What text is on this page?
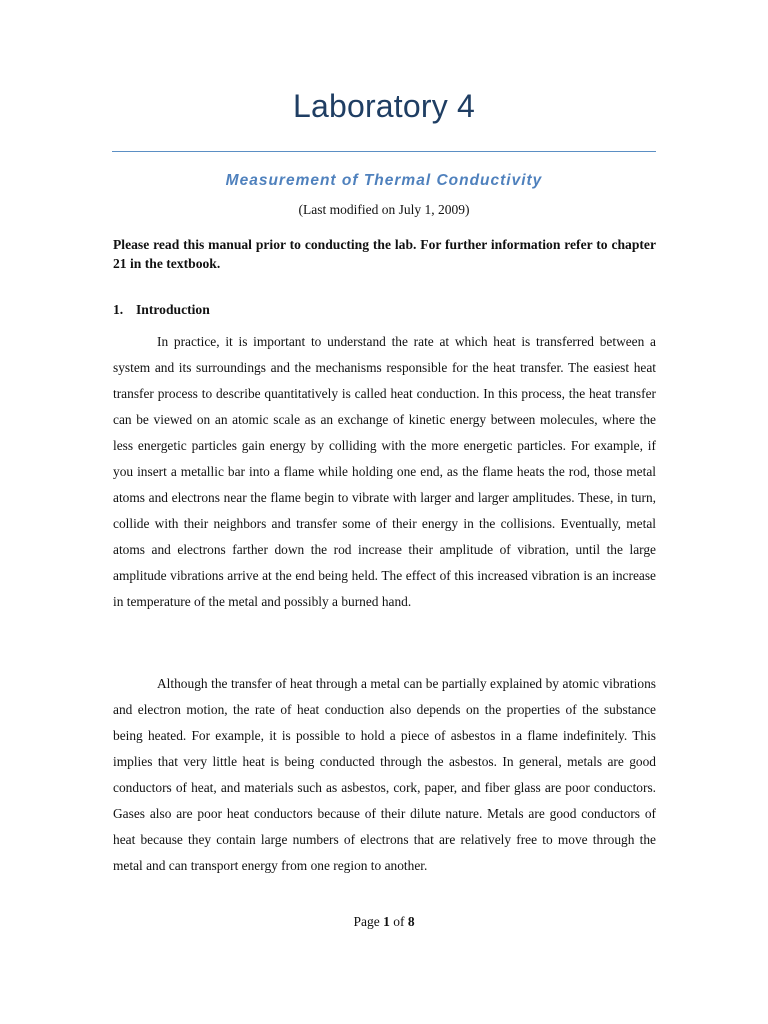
Laboratory 4
Measurement of Thermal Conductivity
(Last modified on July 1, 2009)
Please read this manual prior to conducting the lab. For further information refer to chapter 21 in the textbook.
1. Introduction

In practice, it is important to understand the rate at which heat is transferred between a system and its surroundings and the mechanisms responsible for the heat transfer. The easiest heat transfer process to describe quantitatively is called heat conduction. In this process, the heat transfer can be viewed on an atomic scale as an exchange of kinetic energy between molecules, where the less energetic particles gain energy by colliding with the more energetic particles. For example, if you insert a metallic bar into a flame while holding one end, as the flame heats the rod, those metal atoms and electrons near the flame begin to vibrate with larger and larger amplitudes. These, in turn, collide with their neighbors and transfer some of their energy in the collisions. Eventually, metal atoms and electrons farther down the rod increase their amplitude of vibration, until the large amplitude vibrations arrive at the end being held. The effect of this increased vibration is an increase in temperature of the metal and possibly a burned hand.

Although the transfer of heat through a metal can be partially explained by atomic vibrations and electron motion, the rate of heat conduction also depends on the properties of the substance being heated. For example, it is possible to hold a piece of asbestos in a flame indefinitely. This implies that very little heat is being conducted through the asbestos. In general, metals are good conductors of heat, and materials such as asbestos, cork, paper, and fiber glass are poor conductors. Gases also are poor heat conductors because of their dilute nature. Metals are good conductors of heat because they contain large numbers of electrons that are relatively free to move through the metal and can transport energy from one region to another.

Page 1 of 8
